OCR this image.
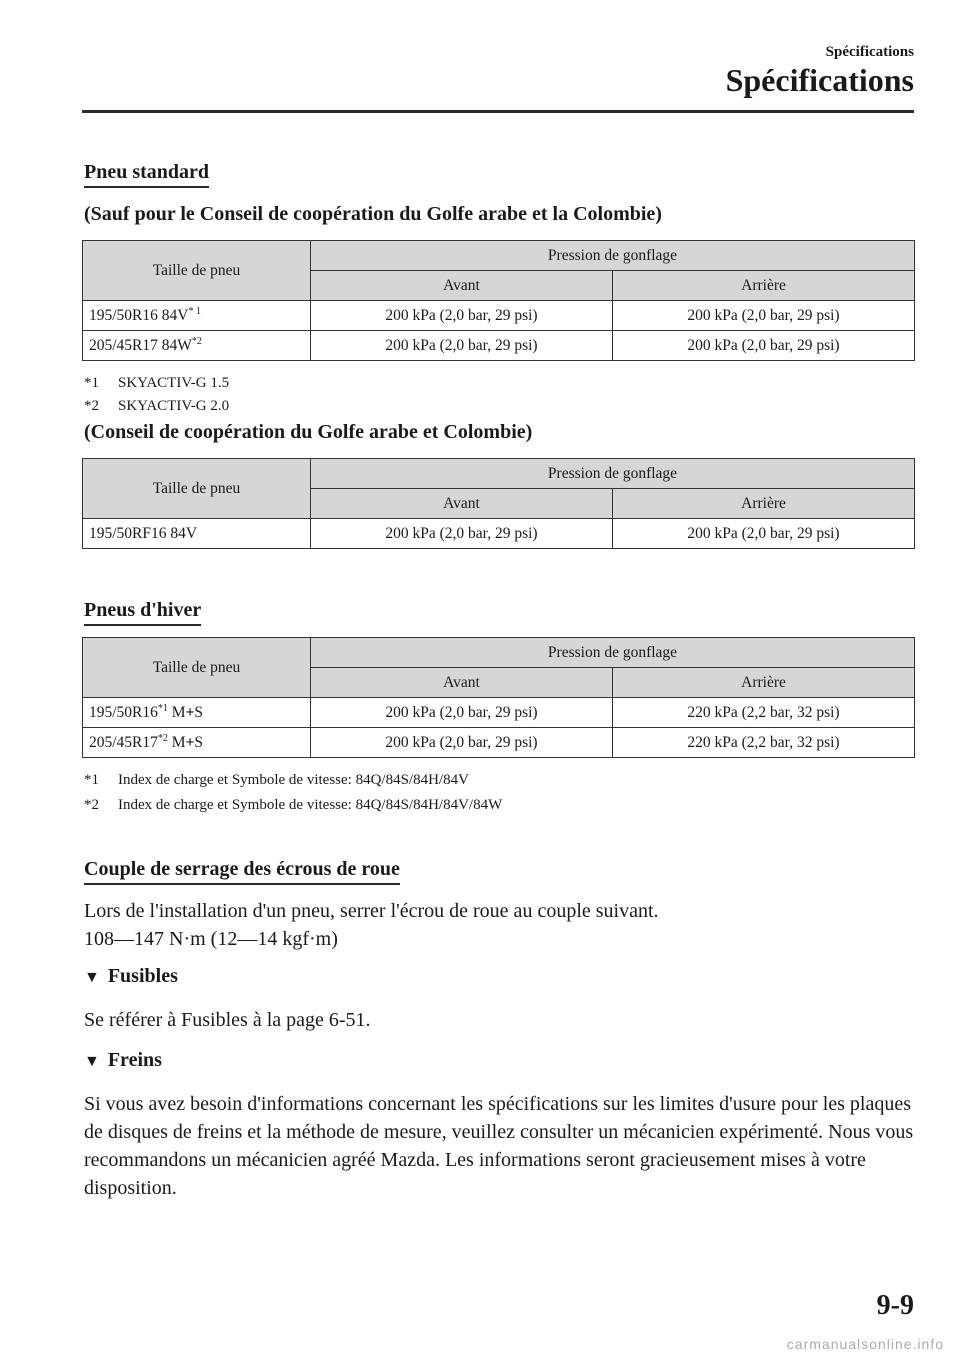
Spécifications
Spécifications
Pneu standard
(Sauf pour le Conseil de coopération du Golfe arabe et la Colombie)
Taille de pneu	Pression de gonflage	
	Avant	Arrière
195/50R16 $84V^{* 1}$	200 kPa (2,0 bar, 29 psi)	200 kPa (2,0 bar, 29 psi)
205/45R17 $84W^{*2}$	200 kPa (2,0 bar, 29 psi)	200 kPa (2,0 bar, 29 psi)
*1 SKYACTIV-G 1.5
*2 SKYACTIV-G 2.0
(Conseil de coopération du Golfe arabe et Colombie)
Taille de pneu	Pression de gonflage	
	Avant	Arrière
195/50RF16 84V	200 kPa (2,0 bar, 29 psi)	200 kPa (2,0 bar, 29 psi)
Pneus d'hiver
Taille de pneu	Pression de gonflage	
	Avant	Arrière
195/50R16$^{*1}$ M+S	200 kPa (2,0 bar, 29 psi)	220 kPa (2,2 bar, 32 psi)
205/45R17$^{*2}$ M+S	200 kPa (2,0 bar, 29 psi)	220 kPa (2,2 bar, 32 psi)
*1 Index de charge et Symbole de vitesse: 84Q/84S/84H/84V
*2 Index de charge et Symbole de vitesse: 84Q/84S/84H/84V/84W
Couple de serrage des écrous de roue
Lors de l'installation d'un pneu, serrer l'écrou de roue au couple suivant.
108―147 N·m (12―14 kgf·m)
▼ Fusibles
Se référer à Fusibles à la page 6-51.
▼ Freins
Si vous avez besoin d'informations concernant les spécifications sur les limites d'usure pour les plaques de disques de freins et la méthode de mesure, veuillez consulter un mécanicien expérimenté. Nous vous recommandons un mécanicien agréé Mazda. Les informations seront gracieusement mises à votre disposition.
9-9
carmanualsonline.info
